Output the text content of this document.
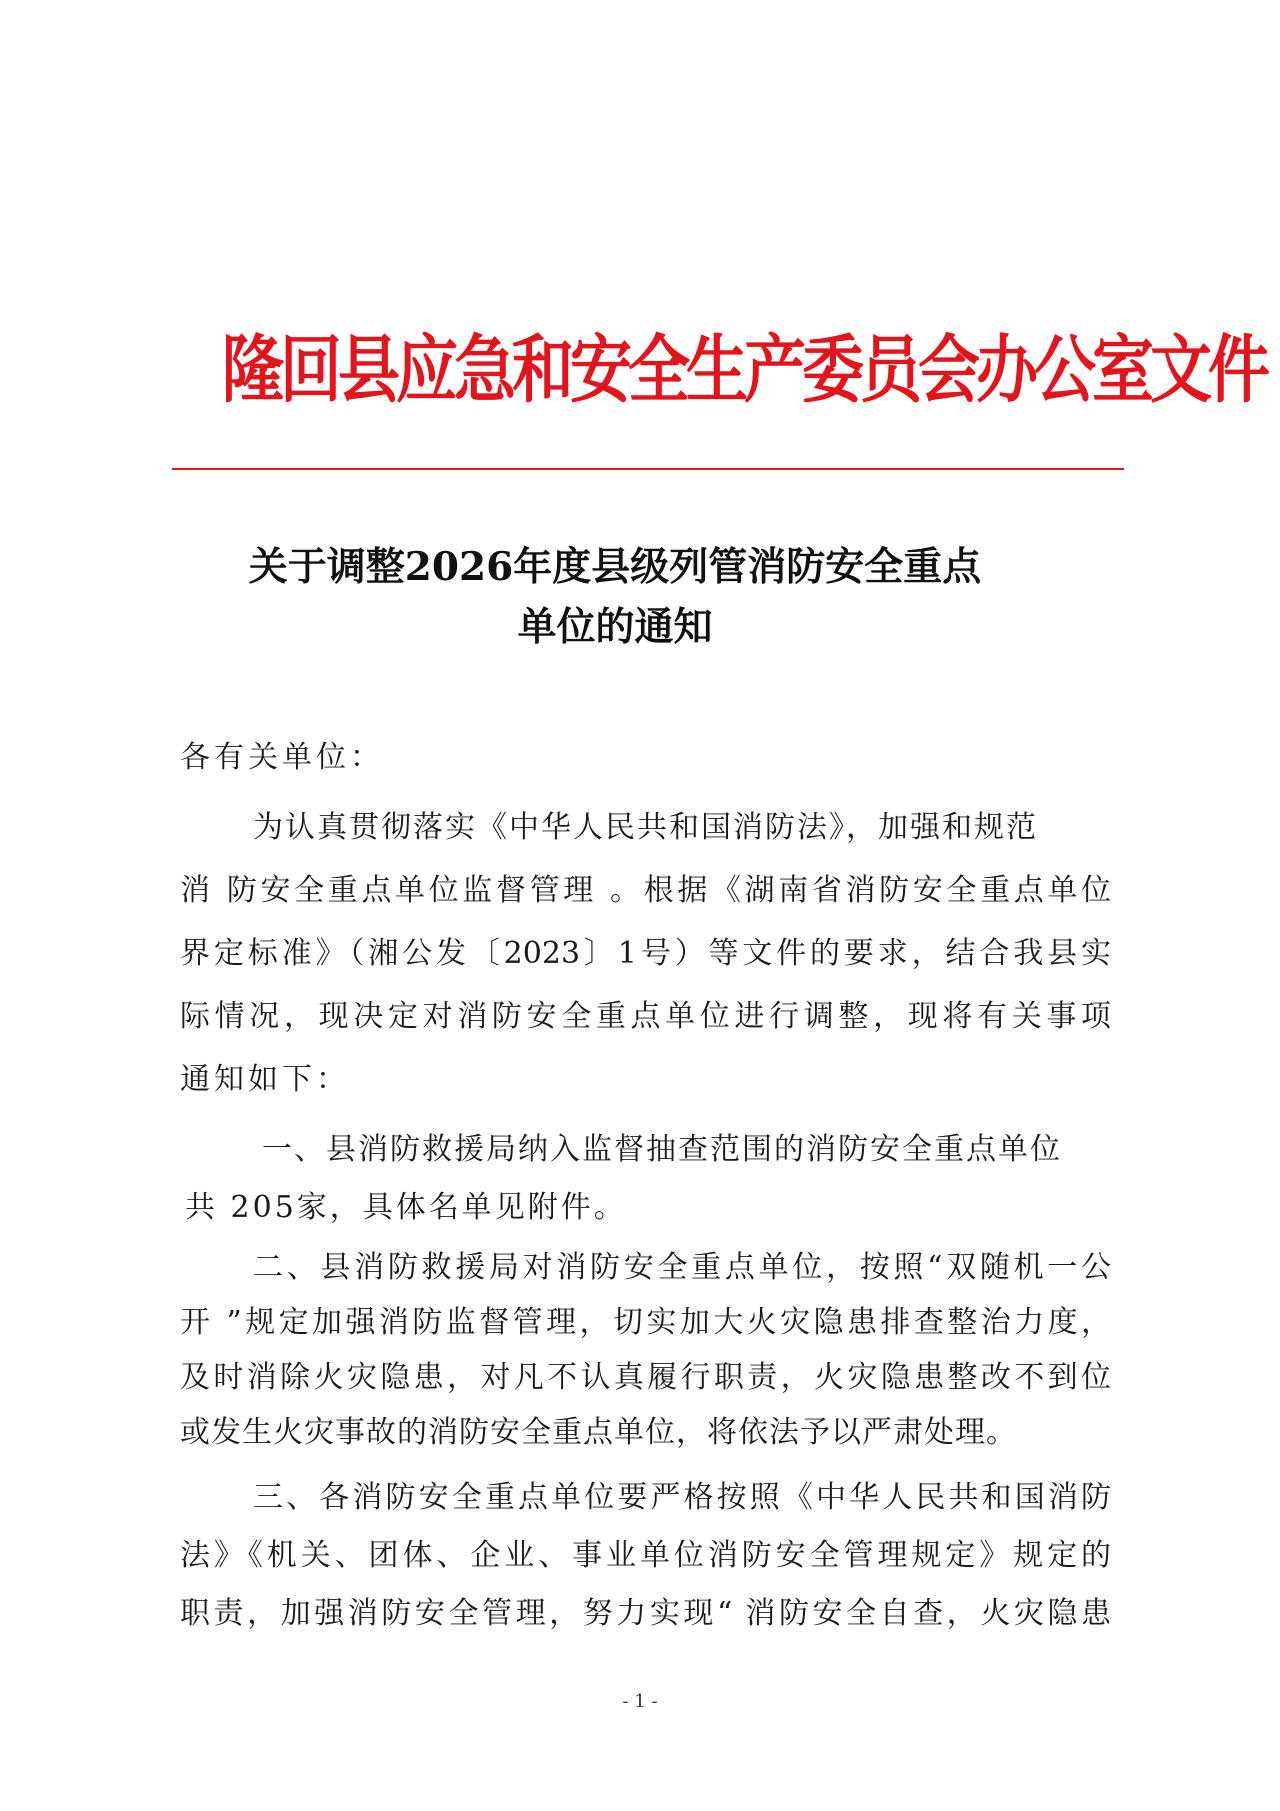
隆回县应急和安全生产委员会办公室文件
关于调整2026年度县级列管消防安全重点
单位的通知
各有关单位：
为认真贯彻落实《中华人民共和国消防法》，加强和规范
消 防安全重点单位监督管理 。根据《湖南省消防安全重点单位
界定标准》（湘公发〔2023〕1号）等文件的要求，结合我县实
际情况，现决定对消防安全重点单位进行调整，现将有关事项
通知如下：
一、县消防救援局纳入监督抽查范围的消防安全重点单位
共 205家，具体名单见附件。
二、县消防救援局对消防安全重点单位，按照“双随机一公
开 ”规定加强消防监督管理，切实加大火灾隐患排查整治力度，
及时消除火灾隐患，对凡不认真履行职责，火灾隐患整改不到位
或发生火灾事故的消防安全重点单位，将依法予以严肃处理。
三、各消防安全重点单位要严格按照《中华人民共和国消防
法》《机关、团体、企业、事业单位消防安全管理规定》规定的
职责，加强消防安全管理，努力实现“ 消防安全自查，火灾隐患
- 1 -
